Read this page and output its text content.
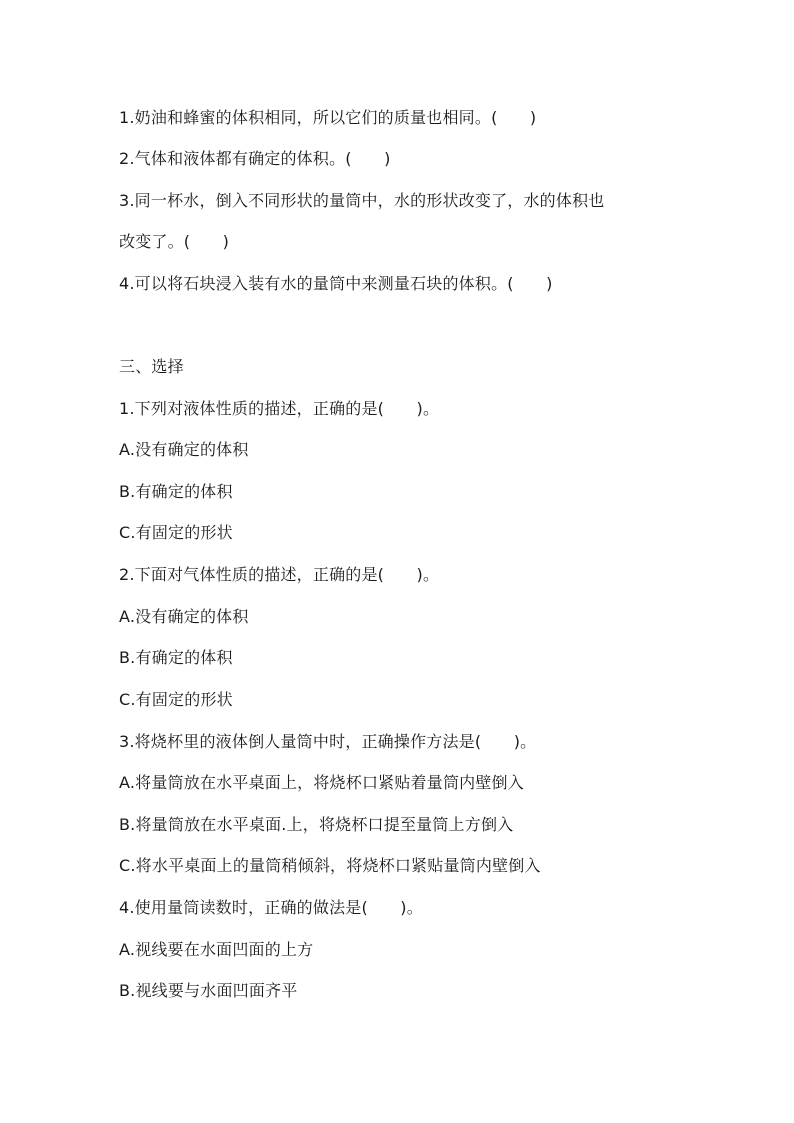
1.奶油和蜂蜜的体积相同，所以它们的质量也相同。(　　)
2.气体和液体都有确定的体积。(　　)
3.同一杯水，倒入不同形状的量筒中，水的形状改变了，水的体积也
改变了。(　　)
4.可以将石块浸入装有水的量筒中来测量石块的体积。(　　)
三、选择
1.下列对液体性质的描述，正确的是(　　)。
A.没有确定的体积
B.有确定的体积
C.有固定的形状
2.下面对气体性质的描述，正确的是(　　)。
A.没有确定的体积
B.有确定的体积
C.有固定的形状
3.将烧杯里的液体倒人量筒中时，正确操作方法是(　　)。
A.将量筒放在水平桌面上，将烧杯口紧贴着量筒内壁倒入
B.将量筒放在水平桌面.上，将烧杯口提至量筒上方倒入
C.将水平桌面上的量筒稍倾斜，将烧杯口紧贴量筒内壁倒入
4.使用量筒读数时，正确的做法是(　　)。
A.视线要在水面凹面的上方
B.视线要与水面凹面齐平
